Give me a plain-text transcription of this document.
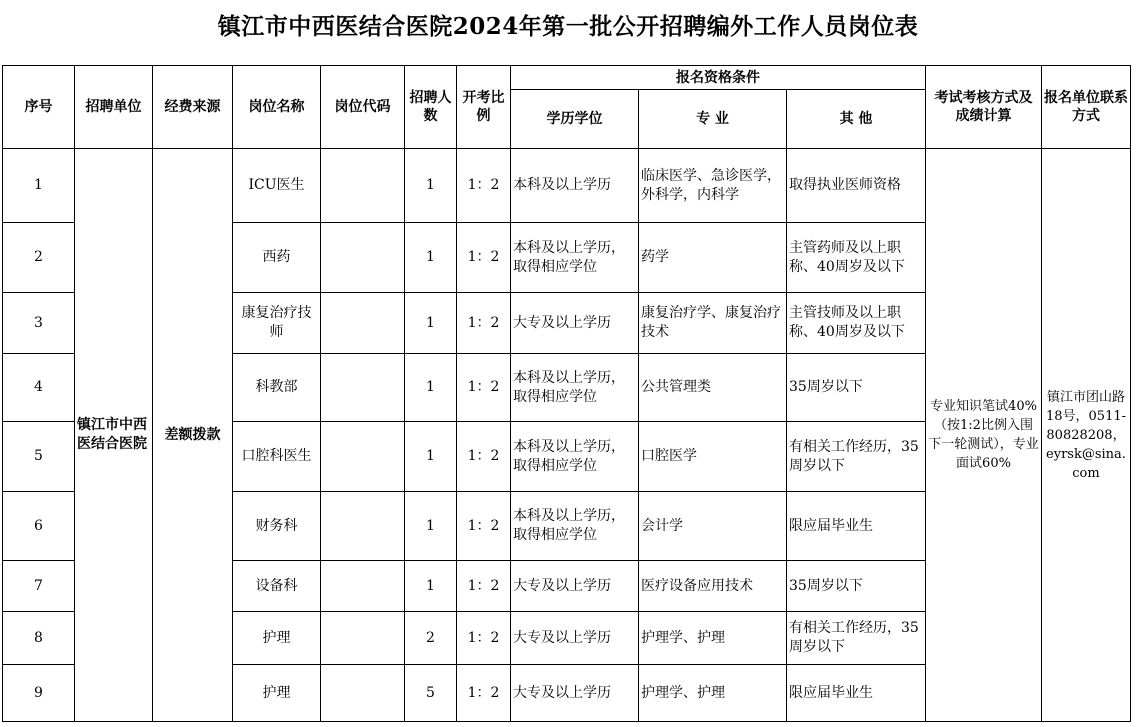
镇江市中西医结合医院2024年第一批公开招聘编外工作人员岗位表
序号	招聘单位	经费来源	岗位名称	岗位代码	招聘人数	开考比例	报名资格条件			考试考核方式及成绩计算	报名单位联系方式
							学历学位	专 业	其 他		
1	镇江市中西医结合医院	差额拨款	ICU医生		1	1：2	本科及以上学历	临床医学、急诊医学，外科学，内科学	取得执业医师资格	专业知识笔试40%（按1:2比例入围下一轮测试），专业面试60%	镇江市团山路18号，0511-80828208，eyrsk@sina.com
2			西药		1	1：2	本科及以上学历，取得相应学位	药学	主管药师及以上职称、40周岁及以下		
3			康复治疗技师		1	1：2	大专及以上学历	康复治疗学、康复治疗技术	主管技师及以上职称、40周岁及以下		
4			科教部		1	1：2	本科及以上学历，取得相应学位	公共管理类	35周岁以下		
5			口腔科医生		1	1：2	本科及以上学历，取得相应学位	口腔医学	有相关工作经历，35周岁以下		
6			财务科		1	1：2	本科及以上学历，取得相应学位	会计学	限应届毕业生		
7			设备科		1	1：2	大专及以上学历	医疗设备应用技术	35周岁以下		
8			护理		2	1：2	大专及以上学历	护理学、护理	有相关工作经历，35周岁以下		
9			护理		5	1：2	大专及以上学历	护理学、护理	限应届毕业生		
